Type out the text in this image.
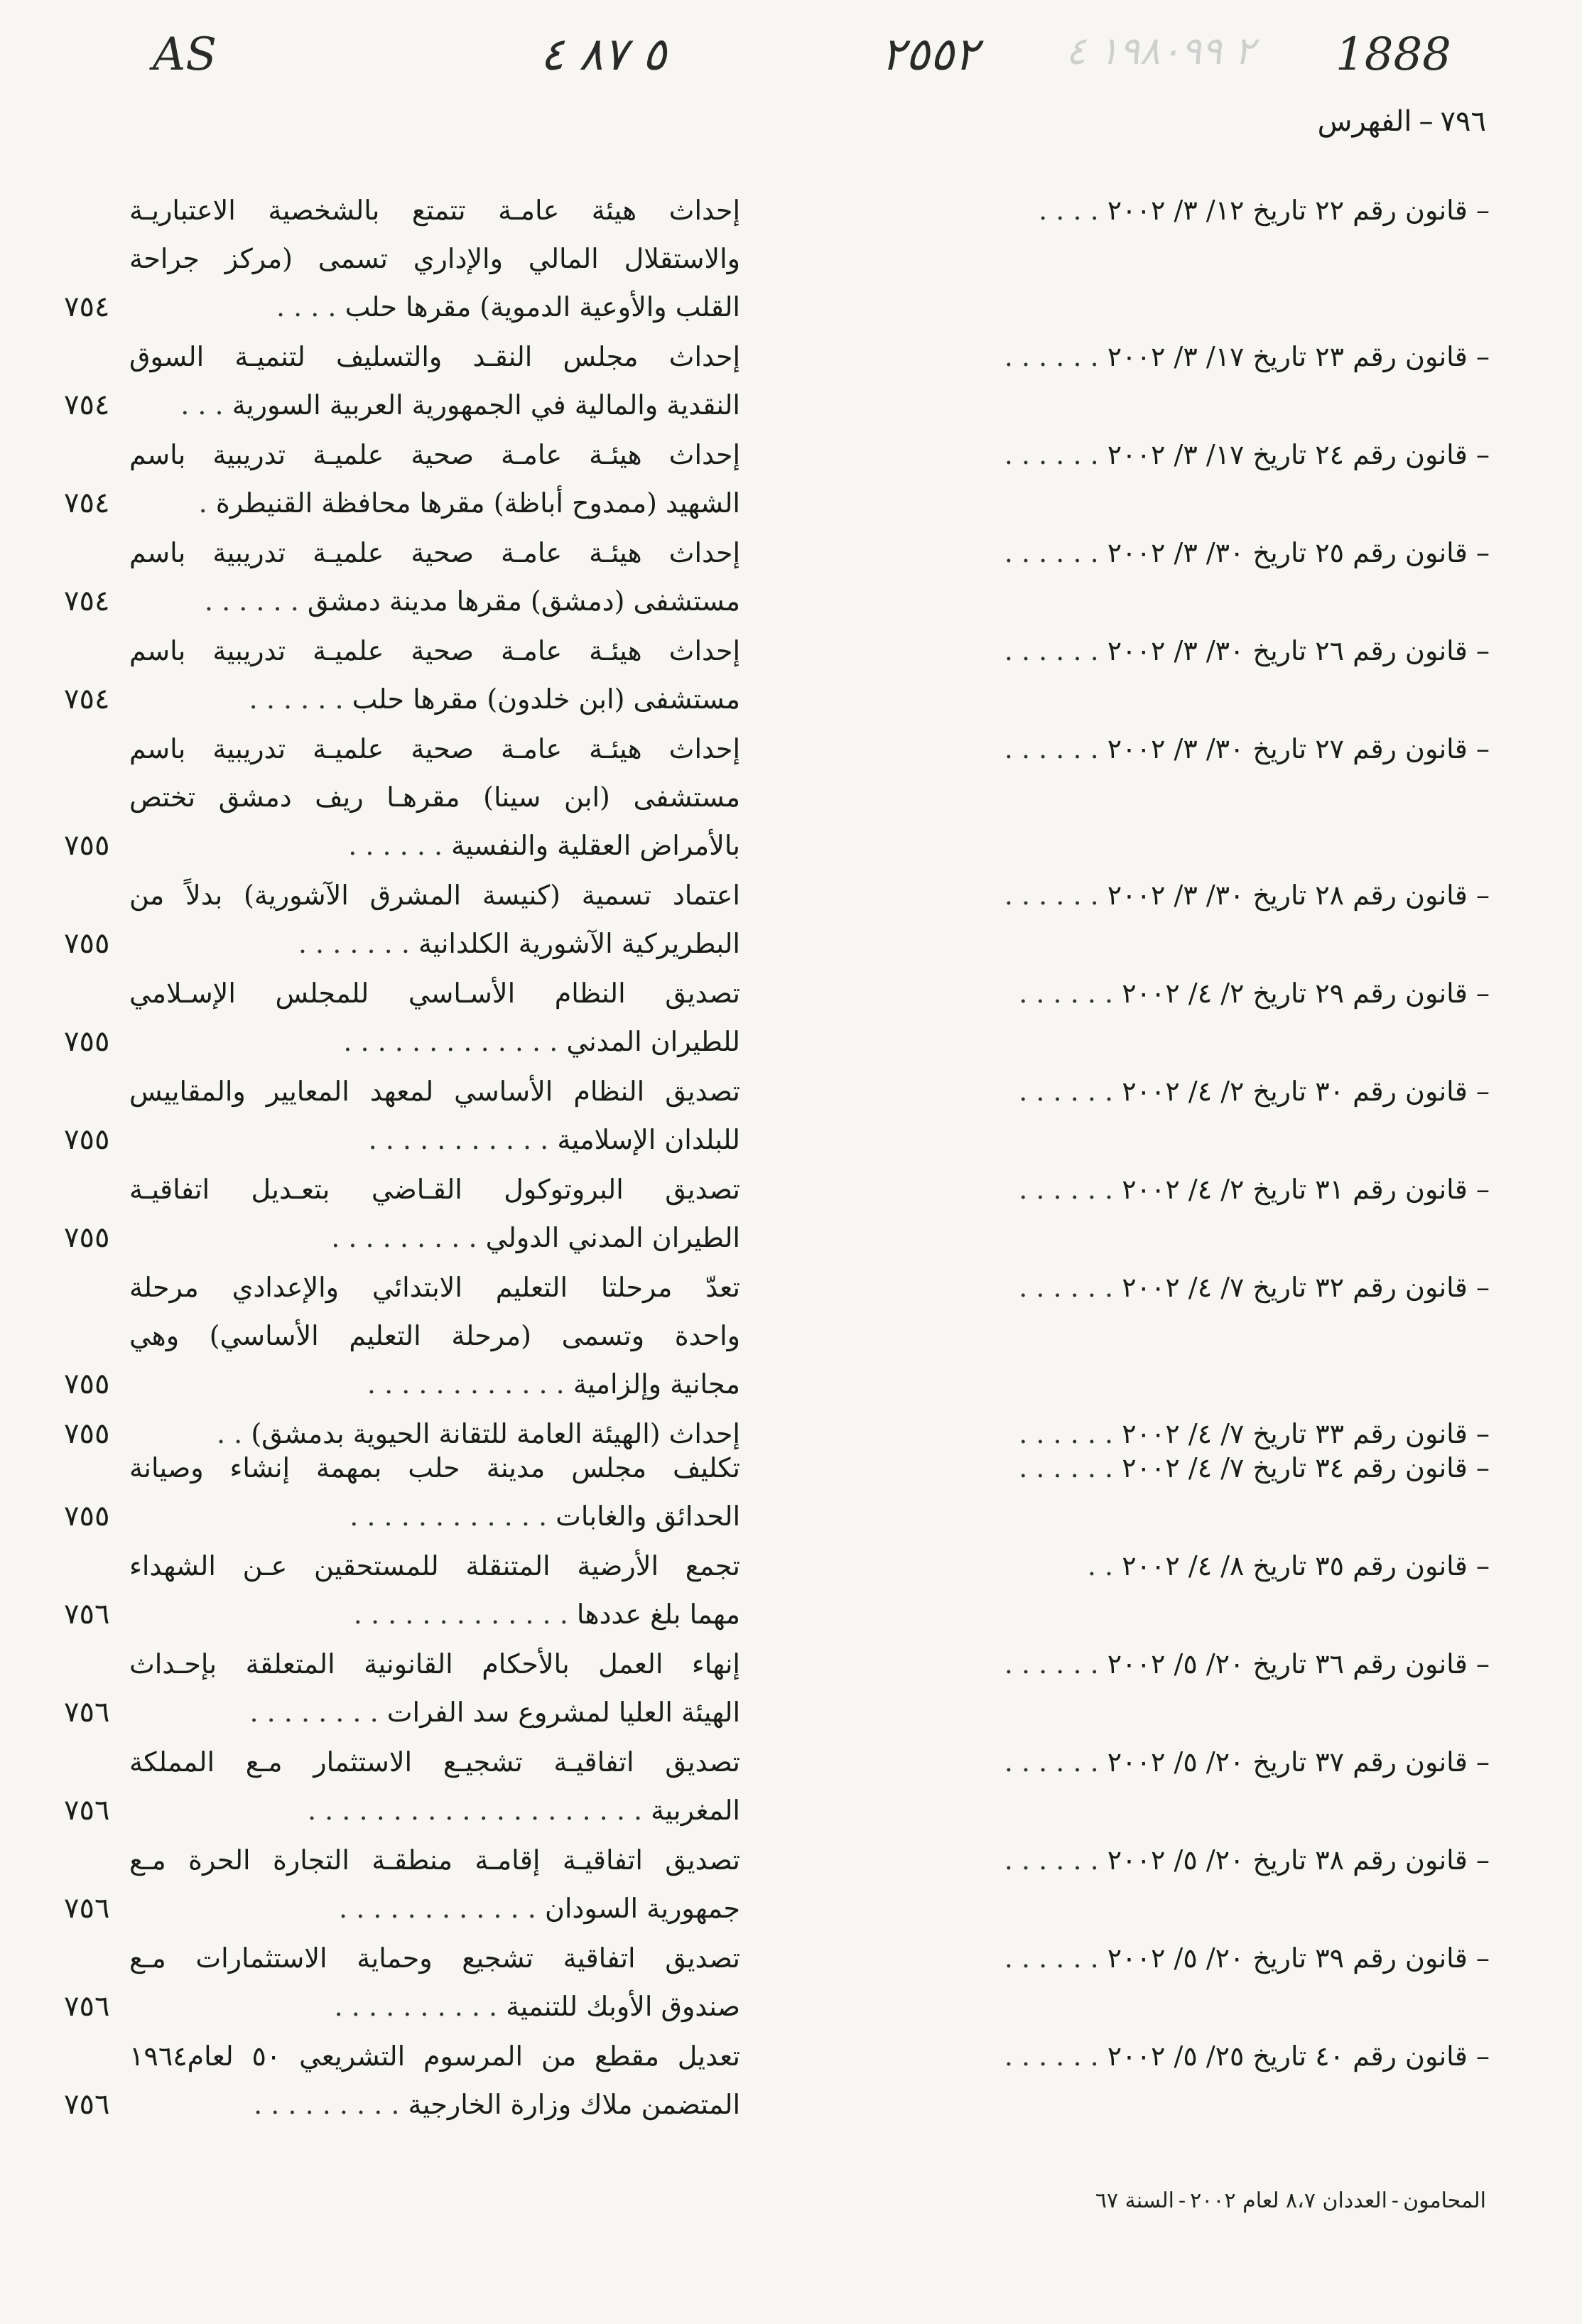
AS	٥ ٨٧ ٤	٢٥٥٢ ٢ ١٩٨٠٩٩ ٤ 1888
٧٩٦–الفهرس
– قانون رقم ٢٢ تاريخ ١٢/ ٣/ ٢٠٠٢ . . . .
إحداث هيئة عامـة تتمتع بالشخصية الاعتباريـة
والاستقلال المالي والإداري تسمى (مركز جراحة
القلب والأوعية الدموية) مقرها حلب . . . .
٧٥٤
– قانون رقم ٢٣ تاريخ ١٧/ ٣/ ٢٠٠٢ . . . . . .
إحداث مجلس النقـد والتسليف لتنميـة السوق
النقدية والمالية في الجمهورية العربية السورية . . .
٧٥٤
– قانون رقم ٢٤ تاريخ ١٧/ ٣/ ٢٠٠٢ . . . . . .
إحداث هيئـة عامـة صحية علميـة تدريبية باسم
الشهيد (ممدوح أباظة) مقرها محافظة القنيطرة .
٧٥٤
– قانون رقم ٢٥ تاريخ ٣٠/ ٣/ ٢٠٠٢ . . . . . .
إحداث هيئـة عامـة صحية علميـة تدريبية باسم
مستشفى (دمشق) مقرها مدينة دمشق . . . . . .
٧٥٤
– قانون رقم ٢٦ تاريخ ٣٠/ ٣/ ٢٠٠٢ . . . . . .
إحداث هيئـة عامـة صحية علميـة تدريبية باسم
مستشفى (ابن خلدون) مقرها حلب . . . . . .
٧٥٤
– قانون رقم ٢٧ تاريخ ٣٠/ ٣/ ٢٠٠٢ . . . . . .
إحداث هيئـة عامـة صحية علميـة تدريبية باسم
مستشفى (ابن سينا) مقرهـا ريف دمشق تختص
بالأمراض العقلية والنفسية . . . . . .
٧٥٥
– قانون رقم ٢٨ تاريخ ٣٠/ ٣/ ٢٠٠٢ . . . . . .
اعتماد تسمية (كنيسة المشرق الآشورية) بدلاً من
البطريركية الآشورية الكلدانية . . . . . . .
٧٥٥
– قانون رقم ٢٩ تاريخ ٢/ ٤/ ٢٠٠٢ . . . . . .
تصديق النظام الأسـاسي للمجلس الإسـلامي
للطيران المدني . . . . . . . . . . . . .
٧٥٥
– قانون رقم ٣٠ تاريخ ٢/ ٤/ ٢٠٠٢ . . . . . .
تصديق النظام الأساسي لمعهد المعايير والمقاييس
للبلدان الإسلامية . . . . . . . . . . .
٧٥٥
– قانون رقم ٣١ تاريخ ٢/ ٤/ ٢٠٠٢ . . . . . .
تصديق البروتوكول القـاضي بتعـديل اتفاقيـة
الطيران المدني الدولي . . . . . . . . .
٧٥٥
– قانون رقم ٣٢ تاريخ ٧/ ٤/ ٢٠٠٢ . . . . . .
تعدّ مرحلتا التعليم الابتدائي والإعدادي مرحلة
واحدة وتسمى (مرحلة التعليم الأساسي) وهي
مجانية وإلزامية . . . . . . . . . . . .
٧٥٥
– قانون رقم ٣٣ تاريخ ٧/ ٤/ ٢٠٠٢ . . . . . .
إحداث (الهيئة العامة للتقانة الحيوية بدمشق) . .
٧٥٥
– قانون رقم ٣٤ تاريخ ٧/ ٤/ ٢٠٠٢ . . . . . .
تكليف مجلس مدينة حلب بمهمة إنشاء وصيانة
الحدائق والغابات . . . . . . . . . . . .
٧٥٥
– قانون رقم ٣٥ تاريخ ٨/ ٤/ ٢٠٠٢ . .
تجمع الأرضية المتنقلة للمستحقين عـن الشهداء
مهما بلغ عددها . . . . . . . . . . . . .
٧٥٦
– قانون رقم ٣٦ تاريخ ٢٠/ ٥/ ٢٠٠٢ . . . . . .
إنهاء العمل بالأحكام القانونية المتعلقة بإحـداث
الهيئة العليا لمشروع سد الفرات . . . . . . . .
٧٥٦
– قانون رقم ٣٧ تاريخ ٢٠/ ٥/ ٢٠٠٢ . . . . . .
تصديق اتفاقيـة تشجيـع الاستثمار مـع المملكة
المغربية . . . . . . . . . . . . . . . . . . . .
٧٥٦
– قانون رقم ٣٨ تاريخ ٢٠/ ٥/ ٢٠٠٢ . . . . . .
تصديق اتفاقيـة إقامـة منطقـة التجارة الحرة مـع
جمهورية السودان . . . . . . . . . . . .
٧٥٦
– قانون رقم ٣٩ تاريخ ٢٠/ ٥/ ٢٠٠٢ . . . . . .
تصديق اتفاقية تشجيع وحماية الاستثمارات مـع
صندوق الأوبك للتنمية . . . . . . . . . .
٧٥٦
– قانون رقم ٤٠ تاريخ ٢٥/ ٥/ ٢٠٠٢ . . . . . .
تعديل مقطع من المرسوم التشريعي ٥٠ لعام١٩٦٤
المتضمن ملاك وزارة الخارجية . . . . . . . . .
٧٥٦
المحامون-العددان ٨،٧ لعام ٢٠٠٢-السنة ٦٧
